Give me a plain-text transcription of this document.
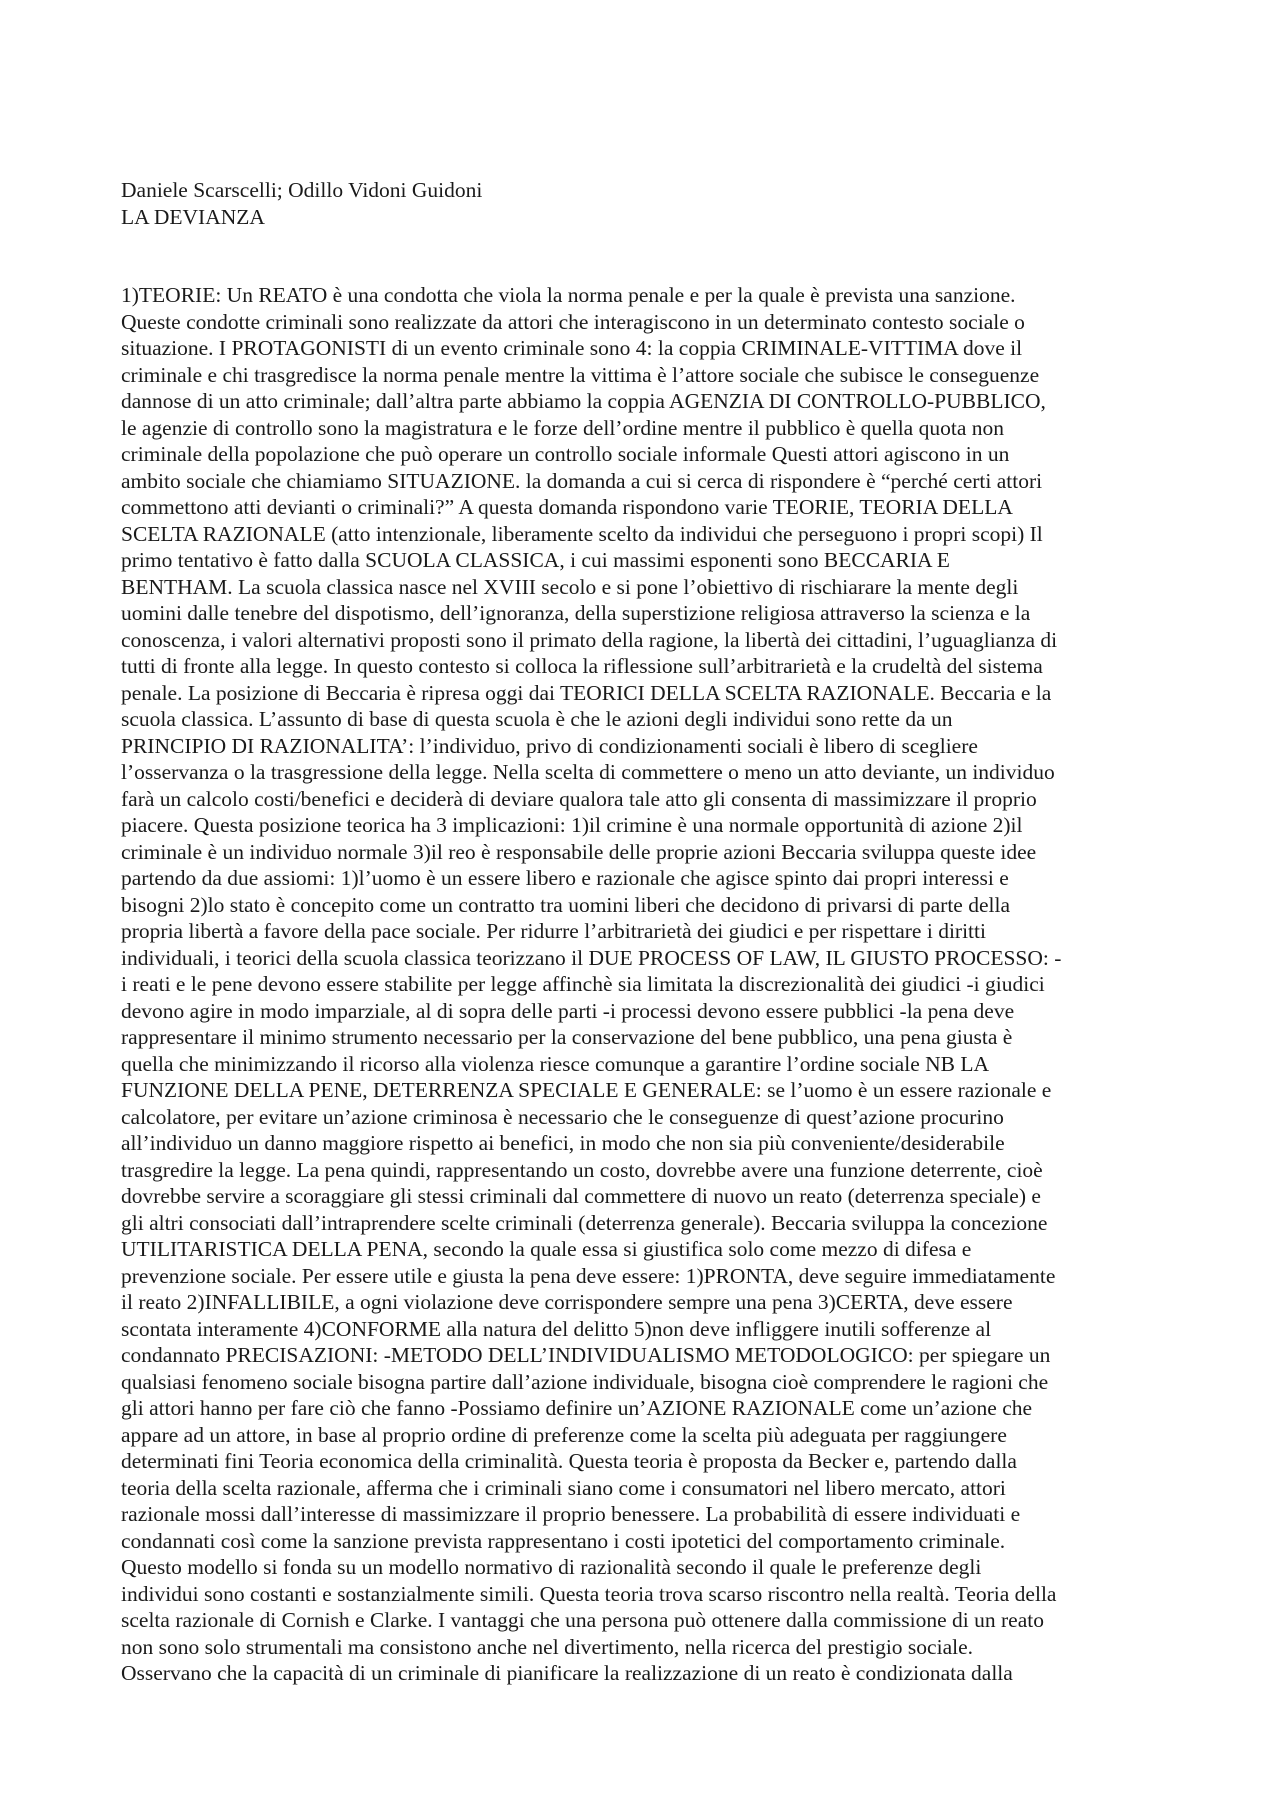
Daniele Scarscelli; Odillo Vidoni Guidoni
LA DEVIANZA
1)TEORIE: Un REATO è una condotta che viola la norma penale e per la quale è prevista una sanzione.
Queste condotte criminali sono realizzate da attori che interagiscono in un determinato contesto sociale o
situazione. I PROTAGONISTI di un evento criminale sono 4: la coppia CRIMINALE-VITTIMA dove il
criminale e chi trasgredisce la norma penale mentre la vittima è l’attore sociale che subisce le conseguenze
dannose di un atto criminale; dall’altra parte abbiamo la coppia AGENZIA DI CONTROLLO-PUBBLICO,
le agenzie di controllo sono la magistratura e le forze dell’ordine mentre il pubblico è quella quota non
criminale della popolazione che può operare un controllo sociale informale Questi attori agiscono in un
ambito sociale che chiamiamo SITUAZIONE. la domanda a cui si cerca di rispondere è “perché certi attori
commettono atti devianti o criminali?” A questa domanda rispondono varie TEORIE, TEORIA DELLA
SCELTA RAZIONALE (atto intenzionale, liberamente scelto da individui che perseguono i propri scopi) Il
primo tentativo è fatto dalla SCUOLA CLASSICA, i cui massimi esponenti sono BECCARIA E
BENTHAM. La scuola classica nasce nel XVIII secolo e si pone l’obiettivo di rischiarare la mente degli
uomini dalle tenebre del dispotismo, dell’ignoranza, della superstizione religiosa attraverso la scienza e la
conoscenza, i valori alternativi proposti sono il primato della ragione, la libertà dei cittadini, l’uguaglianza di
tutti di fronte alla legge. In questo contesto si colloca la riflessione sull’arbitrarietà e la crudeltà del sistema
penale. La posizione di Beccaria è ripresa oggi dai TEORICI DELLA SCELTA RAZIONALE. Beccaria e la
scuola classica. L’assunto di base di questa scuola è che le azioni degli individui sono rette da un
PRINCIPIO DI RAZIONALITA’: l’individuo, privo di condizionamenti sociali è libero di scegliere
l’osservanza o la trasgressione della legge. Nella scelta di commettere o meno un atto deviante, un individuo
farà un calcolo costi/benefici e deciderà di deviare qualora tale atto gli consenta di massimizzare il proprio
piacere. Questa posizione teorica ha 3 implicazioni: 1)il crimine è una normale opportunità di azione 2)il
criminale è un individuo normale 3)il reo è responsabile delle proprie azioni Beccaria sviluppa queste idee
partendo da due assiomi: 1)l’uomo è un essere libero e razionale che agisce spinto dai propri interessi e
bisogni 2)lo stato è concepito come un contratto tra uomini liberi che decidono di privarsi di parte della
propria libertà a favore della pace sociale. Per ridurre l’arbitrarietà dei giudici e per rispettare i diritti
individuali, i teorici della scuola classica teorizzano il DUE PROCESS OF LAW, IL GIUSTO PROCESSO: -
i reati e le pene devono essere stabilite per legge affinchè sia limitata la discrezionalità dei giudici -i giudici
devono agire in modo imparziale, al di sopra delle parti -i processi devono essere pubblici -la pena deve
rappresentare il minimo strumento necessario per la conservazione del bene pubblico, una pena giusta è
quella che minimizzando il ricorso alla violenza riesce comunque a garantire l’ordine sociale NB LA
FUNZIONE DELLA PENE, DETERRENZA SPECIALE E GENERALE: se l’uomo è un essere razionale e
calcolatore, per evitare un’azione criminosa è necessario che le conseguenze di quest’azione procurino
all’individuo un danno maggiore rispetto ai benefici, in modo che non sia più conveniente/desiderabile
trasgredire la legge. La pena quindi, rappresentando un costo, dovrebbe avere una funzione deterrente, cioè
dovrebbe servire a scoraggiare gli stessi criminali dal commettere di nuovo un reato (deterrenza speciale) e
gli altri consociati dall’intraprendere scelte criminali (deterrenza generale). Beccaria sviluppa la concezione
UTILITARISTICA DELLA PENA, secondo la quale essa si giustifica solo come mezzo di difesa e
prevenzione sociale. Per essere utile e giusta la pena deve essere: 1)PRONTA, deve seguire immediatamente
il reato 2)INFALLIBILE, a ogni violazione deve corrispondere sempre una pena 3)CERTA, deve essere
scontata interamente 4)CONFORME alla natura del delitto 5)non deve infliggere inutili sofferenze al
condannato PRECISAZIONI: -METODO DELL’INDIVIDUALISMO METODOLOGICO: per spiegare un
qualsiasi fenomeno sociale bisogna partire dall’azione individuale, bisogna cioè comprendere le ragioni che
gli attori hanno per fare ciò che fanno -Possiamo definire un’AZIONE RAZIONALE come un’azione che
appare ad un attore, in base al proprio ordine di preferenze come la scelta più adeguata per raggiungere
determinati fini Teoria economica della criminalità. Questa teoria è proposta da Becker e, partendo dalla
teoria della scelta razionale, afferma che i criminali siano come i consumatori nel libero mercato, attori
razionale mossi dall’interesse di massimizzare il proprio benessere. La probabilità di essere individuati e
condannati così come la sanzione prevista rappresentano i costi ipotetici del comportamento criminale.
Questo modello si fonda su un modello normativo di razionalità secondo il quale le preferenze degli
individui sono costanti e sostanzialmente simili. Questa teoria trova scarso riscontro nella realtà. Teoria della
scelta razionale di Cornish e Clarke. I vantaggi che una persona può ottenere dalla commissione di un reato
non sono solo strumentali ma consistono anche nel divertimento, nella ricerca del prestigio sociale.
Osservano che la capacità di un criminale di pianificare la realizzazione di un reato è condizionata dalla
